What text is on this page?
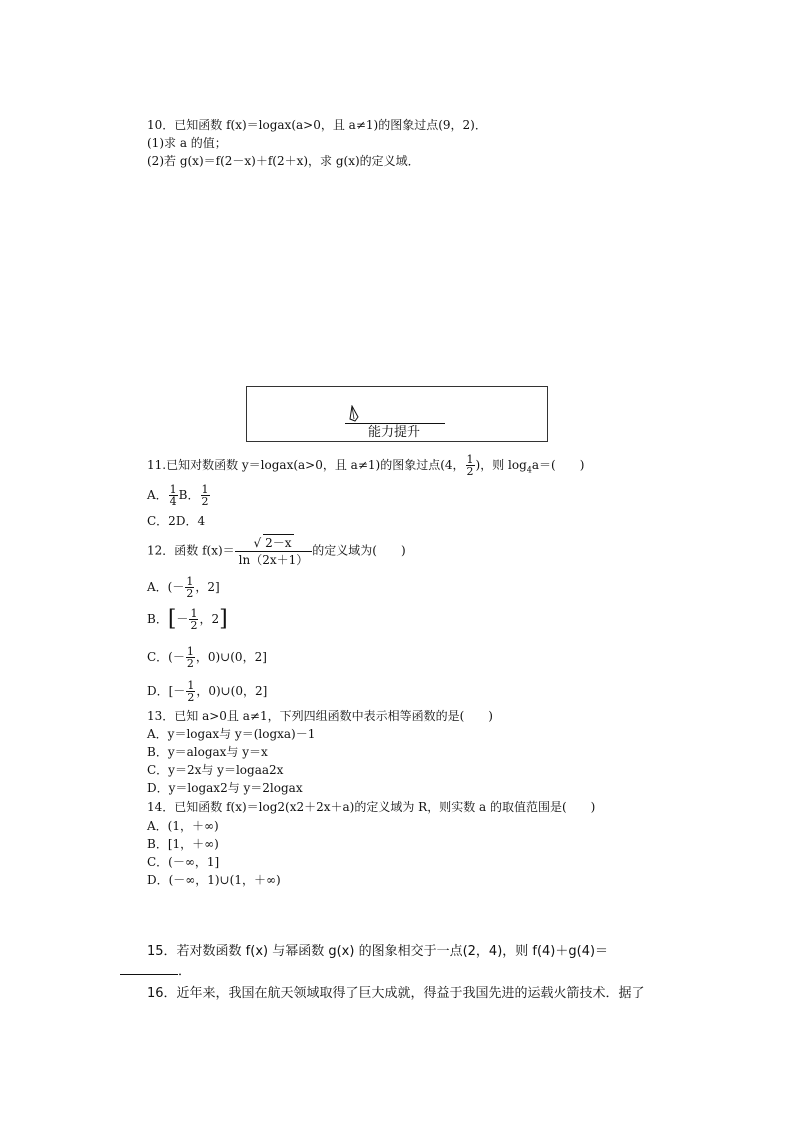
10．已知函数 f(x)＝logax(a>0，且 a≠1)的图象过点(9，2)．
(1)求 a 的值；
(2)若 g(x)＝f(2－x)＋f(2＋x)，求 g(x)的定义域．
能力提升
11.已知对数函数 y＝logax(a>0，且 a≠1)的图象过点(4， $\frac{1}{2}$ )，则 $\log_4a=$(　　)
A． $\frac{1}{4}$ B． $\frac{1}{2}$
C．2D．4
12．函数 $f(x)= \frac{√ 2-x}{\ln(2x+1)}$ 的定义域为(　　)
A．(－ $\frac{1}{2}$ ，2]
B．[－ $\frac{1}{2}$ ，2]
C．(－ $\frac{1}{2}$ ，0)∪(0，2]
D．[－ $\frac{1}{2}$ ，0)∪(0，2]
13．已知 a>0且 a≠1，下列四组函数中表示相等函数的是(　　)
A．y＝logax与 y＝(logxa)－1
B．y＝alogax与 y＝x
C．y＝2x与 y＝logaa2x
D．y＝logax2与 y＝2logax
14．已知函数 f(x)＝log2(x2＋2x＋a)的定义域为 R，则实数 a 的取值范围是(　　)
A．(1，＋∞)
B．[1，＋∞)
C．(－∞，1]
D．(－∞，1)∪(1，＋∞)
15．若对数函数 f(x) 与幂函数 g(x) 的图象相交于一点(2，4)，则 f(4)＋g(4)＝
．
16．近年来，我国在航天领域取得了巨大成就，得益于我国先进的运载火箭技术．据了
